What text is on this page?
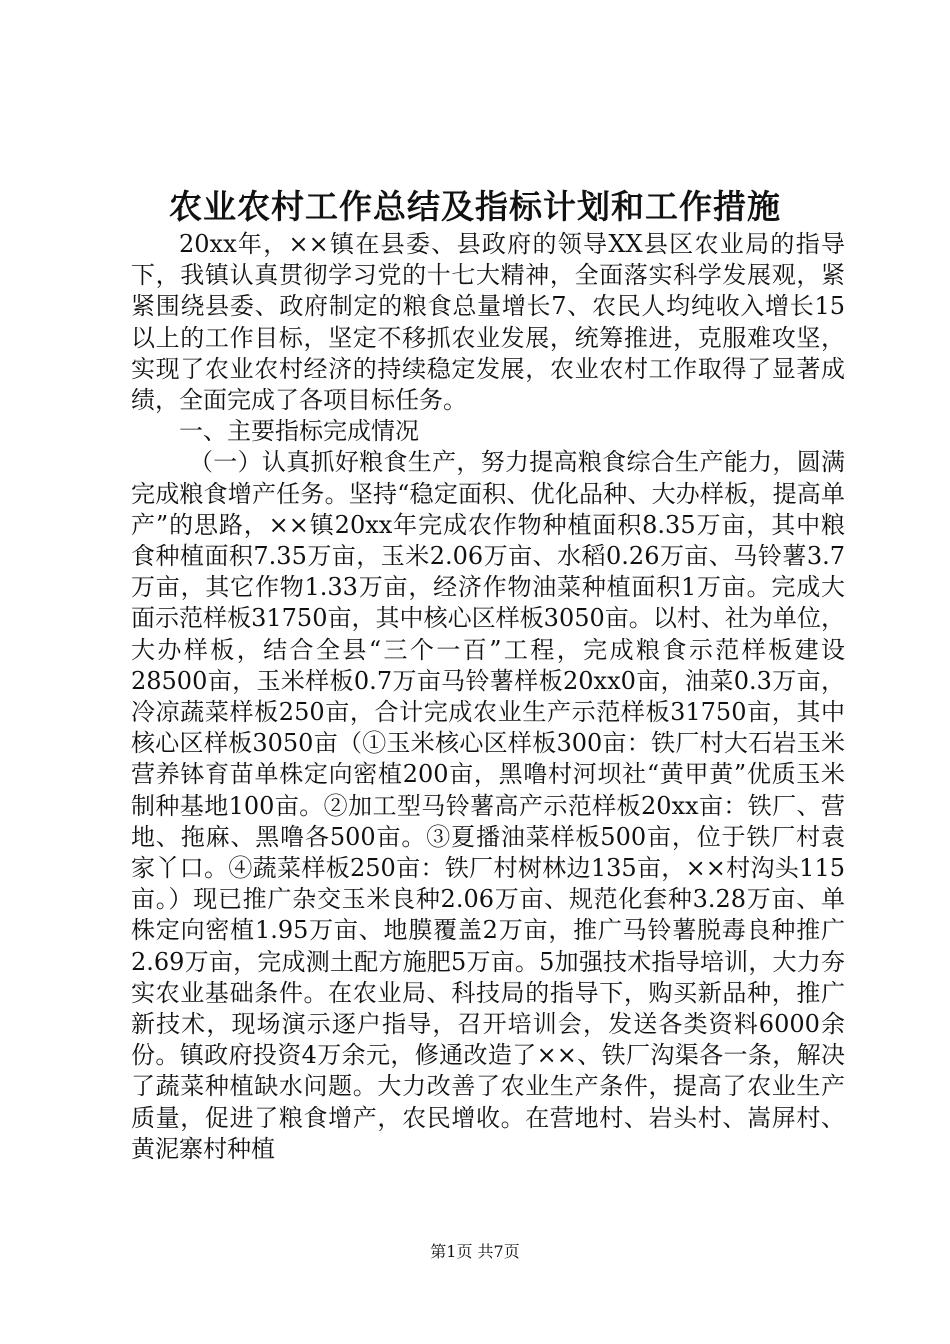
农业农村工作总结及指标计划和工作措施

20xx年，××镇在县委、县政府的领导XX县区农业局的指导下，我镇认真贯彻学习党的十七大精神，全面落实科学发展观，紧紧围绕县委、政府制定的粮食总量增长7、农民人均纯收入增长15以上的工作目标，坚定不移抓农业发展，统筹推进，克服难攻坚，实现了农业农村经济的持续稳定发展，农业农村工作取得了显著成绩，全面完成了各项目标任务。

一、主要指标完成情况

（一）认真抓好粮食生产，努力提高粮食综合生产能力，圆满完成粮食增产任务。坚持“稳定面积、优化品种、大办样板，提高单产”的思路，××镇20xx年完成农作物种植面积8.35万亩，其中粮食种植面积7.35万亩，玉米2.06万亩、水稻0.26万亩、马铃薯3.7万亩，其它作物1.33万亩，经济作物油菜种植面积1万亩。完成大面示范样板31750亩，其中核心区样板3050亩。以村、社为单位，大办样板，结合全县“三个一百”工程，完成粮食示范样板建设28500亩，玉米样板0.7万亩马铃薯样板20xx0亩，油菜0.3万亩，冷凉蔬菜样板250亩，合计完成农业生产示范样板31750亩，其中核心区样板3050亩（①玉米核心区样板300亩：铁厂村大石岩玉米营养钵育苗单株定向密植200亩，黑噜村河坝社“黄甲黄”优质玉米制种基地100亩。②加工型马铃薯高产示范样板20xx亩：铁厂、营地、拖麻、黑噜各500亩。③夏播油菜样板500亩，位于铁厂村袁家丫口。④蔬菜样板250亩：铁厂村树林边135亩，××村沟头115亩。）现已推广杂交玉米良种2.06万亩、规范化套种3.28万亩、单株定向密植1.95万亩、地膜覆盖2万亩，推广马铃薯脱毒良种推广2.69万亩，完成测土配方施肥5万亩。5加强技术指导培训，大力夯实农业基础条件。在农业局、科技局的指导下，购买新品种，推广新技术，现场演示逐户指导，召开培训会，发送各类资料6000余份。镇政府投资4万余元，修通改造了××、铁厂沟渠各一条，解决了蔬菜种植缺水问题。大力改善了农业生产条件，提高了农业生产质量，促进了粮食增产，农民增收。在营地村、岩头村、嵩屏村、黄泥寨村种植

第1页 共7页
